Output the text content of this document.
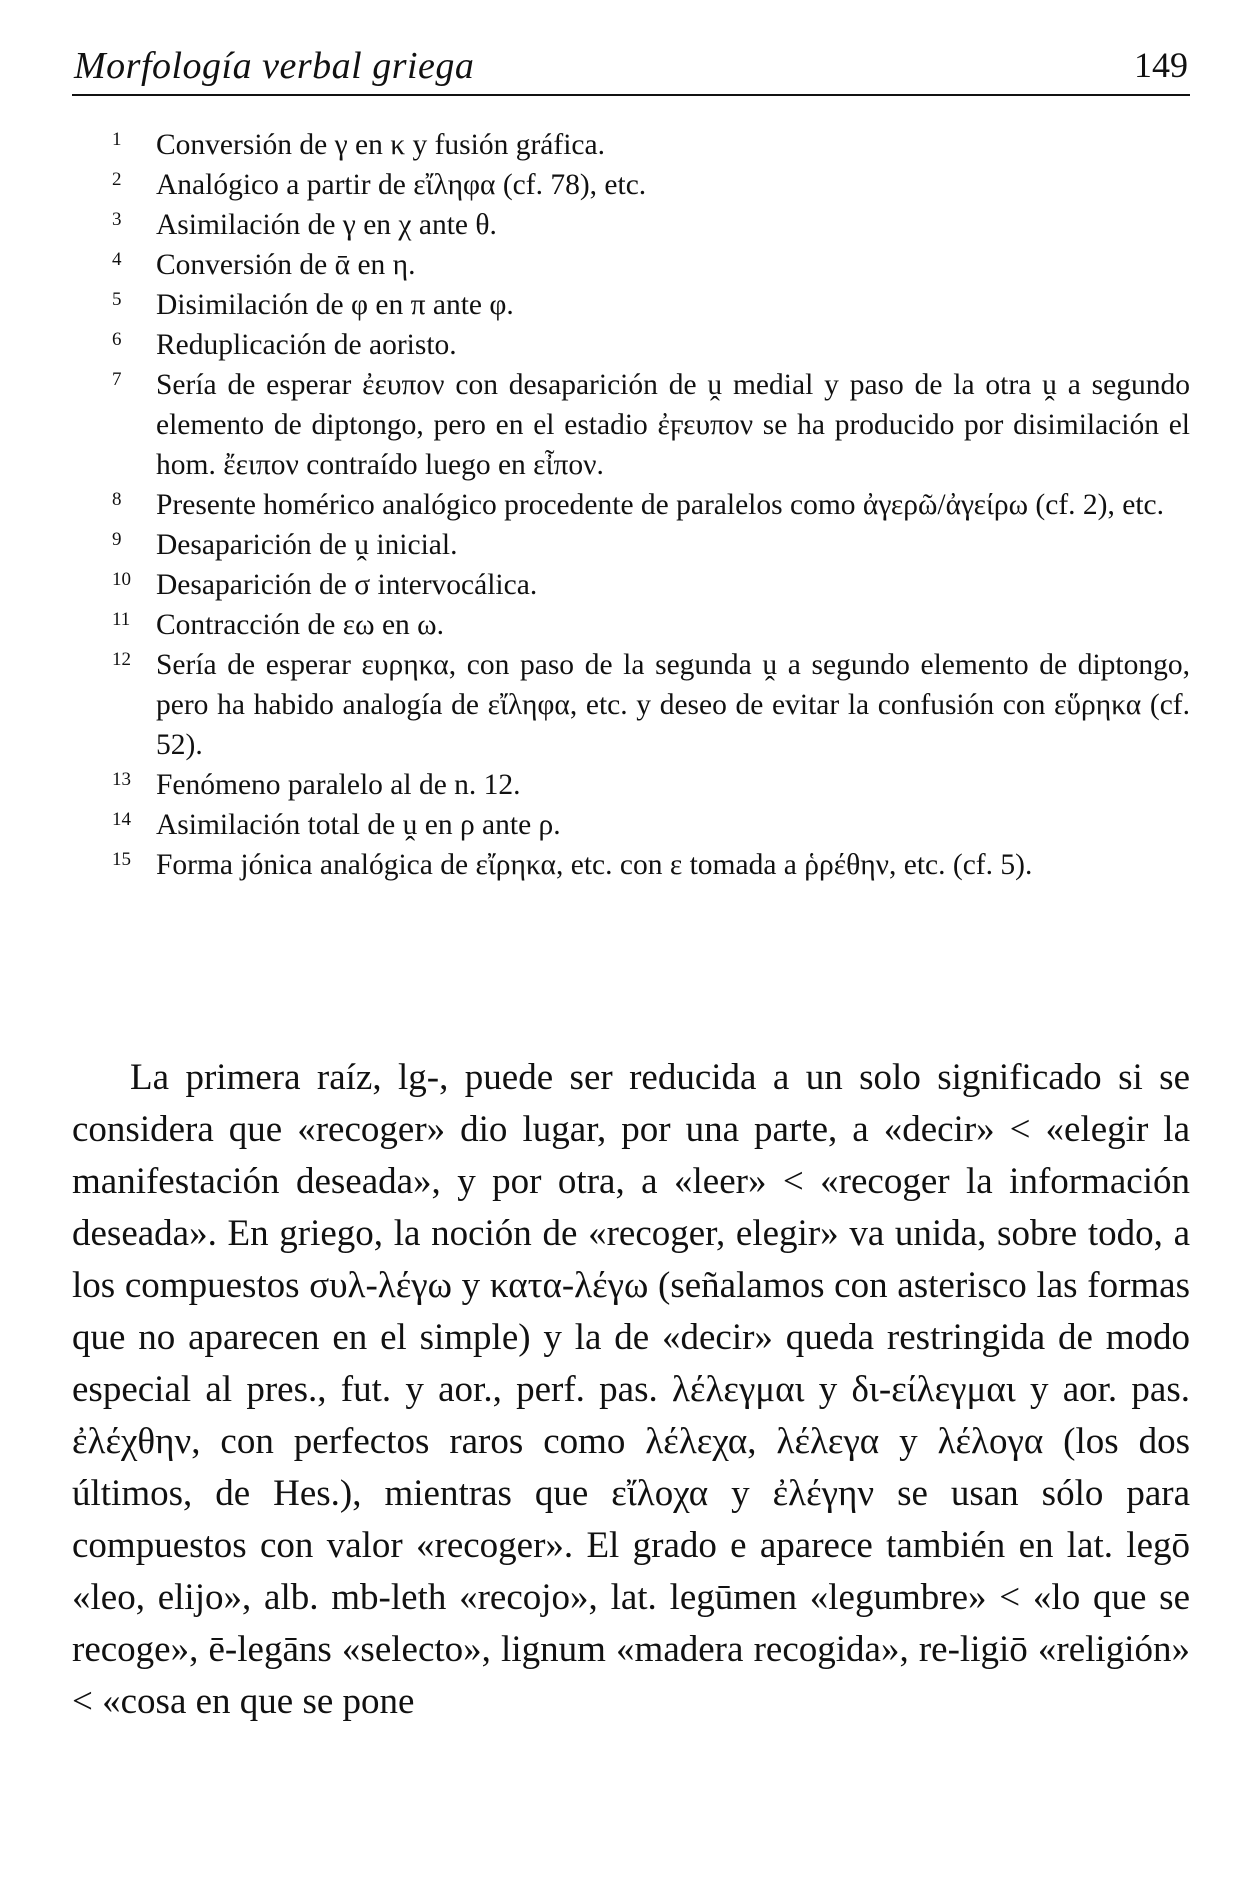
Morfología verbal griega	149
1	Conversión de γ en κ y fusión gráfica.
2	Analógico a partir de εἴληφα (cf. 78), etc.
3	Asimilación de γ en χ ante θ.
4	Conversión de ᾱ en η.
5	Disimilación de φ en π ante φ.
6	Reduplicación de aoristo.
7	Sería de esperar ἐευπον con desaparición de ṷ medial y paso de la otra ṷ a segundo elemento de diptongo, pero en el estadio ἐϝευπον se ha producido por disimilación el hom. ἔειπον contraído luego en εἶπον.
8	Presente homérico analógico procedente de paralelos como ἀγερῶ/ἀγείρω (cf. 2), etc.
9	Desaparición de ṷ inicial.
10 Desaparición de σ intervocálica.
11 Contracción de εω en ω.
12 Sería de esperar ευρηκα, con paso de la segunda ṷ a segundo elemento de diptongo, pero ha habido analogía de εἴληφα, etc. y deseo de evitar la confusión con εὕρηκα (cf. 52).
13 Fenómeno paralelo al de n. 12.
14 Asimilación total de ṷ en ρ ante ρ.
15 Forma jónica analógica de εἴρηκα, etc. con ε tomada a ῥρέθην, etc. (cf. 5).

La primera raíz, lg-, puede ser reducida a un solo significado si se considera que «recoger» dio lugar, por una parte, a «decir» < «elegir la manifestación deseada», y por otra, a «leer» < «recoger la información deseada». En griego, la noción de «recoger, elegir» va unida, sobre todo, a los compuestos συλ-λέγω y κατα-λέγω (señalamos con asterisco las formas que no aparecen en el simple) y la de «decir» queda restringida de modo especial al pres., fut. y aor., perf. pas. λέλεγμαι y δι-είλεγμαι y aor. pas. ἐλέχθην, con perfectos raros como λέλεχα, λέλεγα y λέλογα (los dos últimos, de Hes.), mientras que εἴλοχα y ἐλέγην se usan sólo para compuestos con valor «recoger». El grado e aparece también en lat. legō «leo, elijo», alb. mb-leth «recojo», lat. legūmen «legumbre» < «lo que se recoge», ē-legāns «selecto», lignum «madera recogida», re-ligiō «religión» < «cosa en que se pone
